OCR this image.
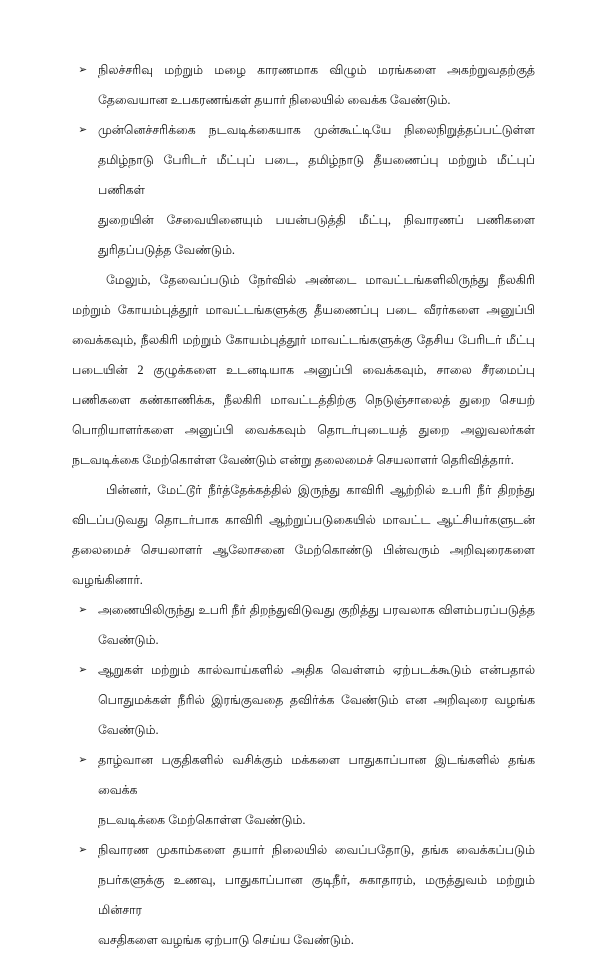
➢ நிலச்சரிவு மற்றும் மழை காரணமாக விழும் மரங்களை அகற்றுவதற்குத்
தேவையான உபகரணங்கள் தயார் நிலையில் வைக்க வேண்டும்.
➢ முன்னெச்சரிக்கை நடவடிக்கையாக முன்கூட்டியே நிலைநிறுத்தப்பட்டுள்ள
தமிழ்நாடு பேரிடர் மீட்புப் படை, தமிழ்நாடு தீயணைப்பு மற்றும் மீட்புப் பணிகள்
துறையின் சேவையினையும் பயன்படுத்தி மீட்பு, நிவாரணப் பணிகளை
துரிதப்படுத்த வேண்டும்.
மேலும், தேவைப்படும் நேர்வில் அண்டை மாவட்டங்களிலிருந்து நீலகிரி
மற்றும் கோயம்புத்தூர் மாவட்டங்களுக்கு தீயணைப்பு படை வீரர்களை அனுப்பி
வைக்கவும், நீலகிரி மற்றும் கோயம்புத்தூர் மாவட்டங்களுக்கு தேசிய பேரிடர் மீட்பு
படையின் 2 குழுக்களை உடனடியாக அனுப்பி வைக்கவும், சாலை சீரமைப்பு
பணிகளை கண்காணிக்க, நீலகிரி மாவட்டத்திற்கு நெடுஞ்சாலைத் துறை செயற்
பொறியாளர்களை அனுப்பி வைக்கவும் தொடர்புடையத் துறை அலுவலர்கள்
நடவடிக்கை மேற்கொள்ள வேண்டும் என்று தலைமைச் செயலாளர் தெரிவித்தார்.
பின்னர், மேட்டூர் நீர்த்தேக்கத்தில் இருந்து காவிரி ஆற்றில் உபரி நீர் திறந்து
விடப்படுவது தொடர்பாக காவிரி ஆற்றுப்படுகையில் மாவட்ட ஆட்சியர்களுடன்
தலைமைச் செயலாளர் ஆலோசனை மேற்கொண்டு பின்வரும் அறிவுரைகளை
வழங்கினார்.
➢ அணையிலிருந்து உபரி நீர் திறந்துவிடுவது குறித்து பரவலாக விளம்பரப்படுத்த
வேண்டும்.
➢ ஆறுகள் மற்றும் கால்வாய்களில் அதிக வெள்ளம் ஏற்படக்கூடும் என்பதால்
பொதுமக்கள் நீரில் இரங்குவதை தவிர்க்க வேண்டும் என அறிவுரை வழங்க
வேண்டும்.
➢ தாழ்வான பகுதிகளில் வசிக்கும் மக்களை பாதுகாப்பான இடங்களில் தங்க வைக்க
நடவடிக்கை மேற்கொள்ள வேண்டும்.
➢ நிவாரண முகாம்களை தயார் நிலையில் வைப்பதோடு, தங்க வைக்கப்படும்
நபர்களுக்கு உணவு, பாதுகாப்பான குடிநீர், சுகாதாரம், மருத்துவம் மற்றும் மின்சார
வசதிகளை வழங்க ஏற்பாடு செய்ய வேண்டும்.
